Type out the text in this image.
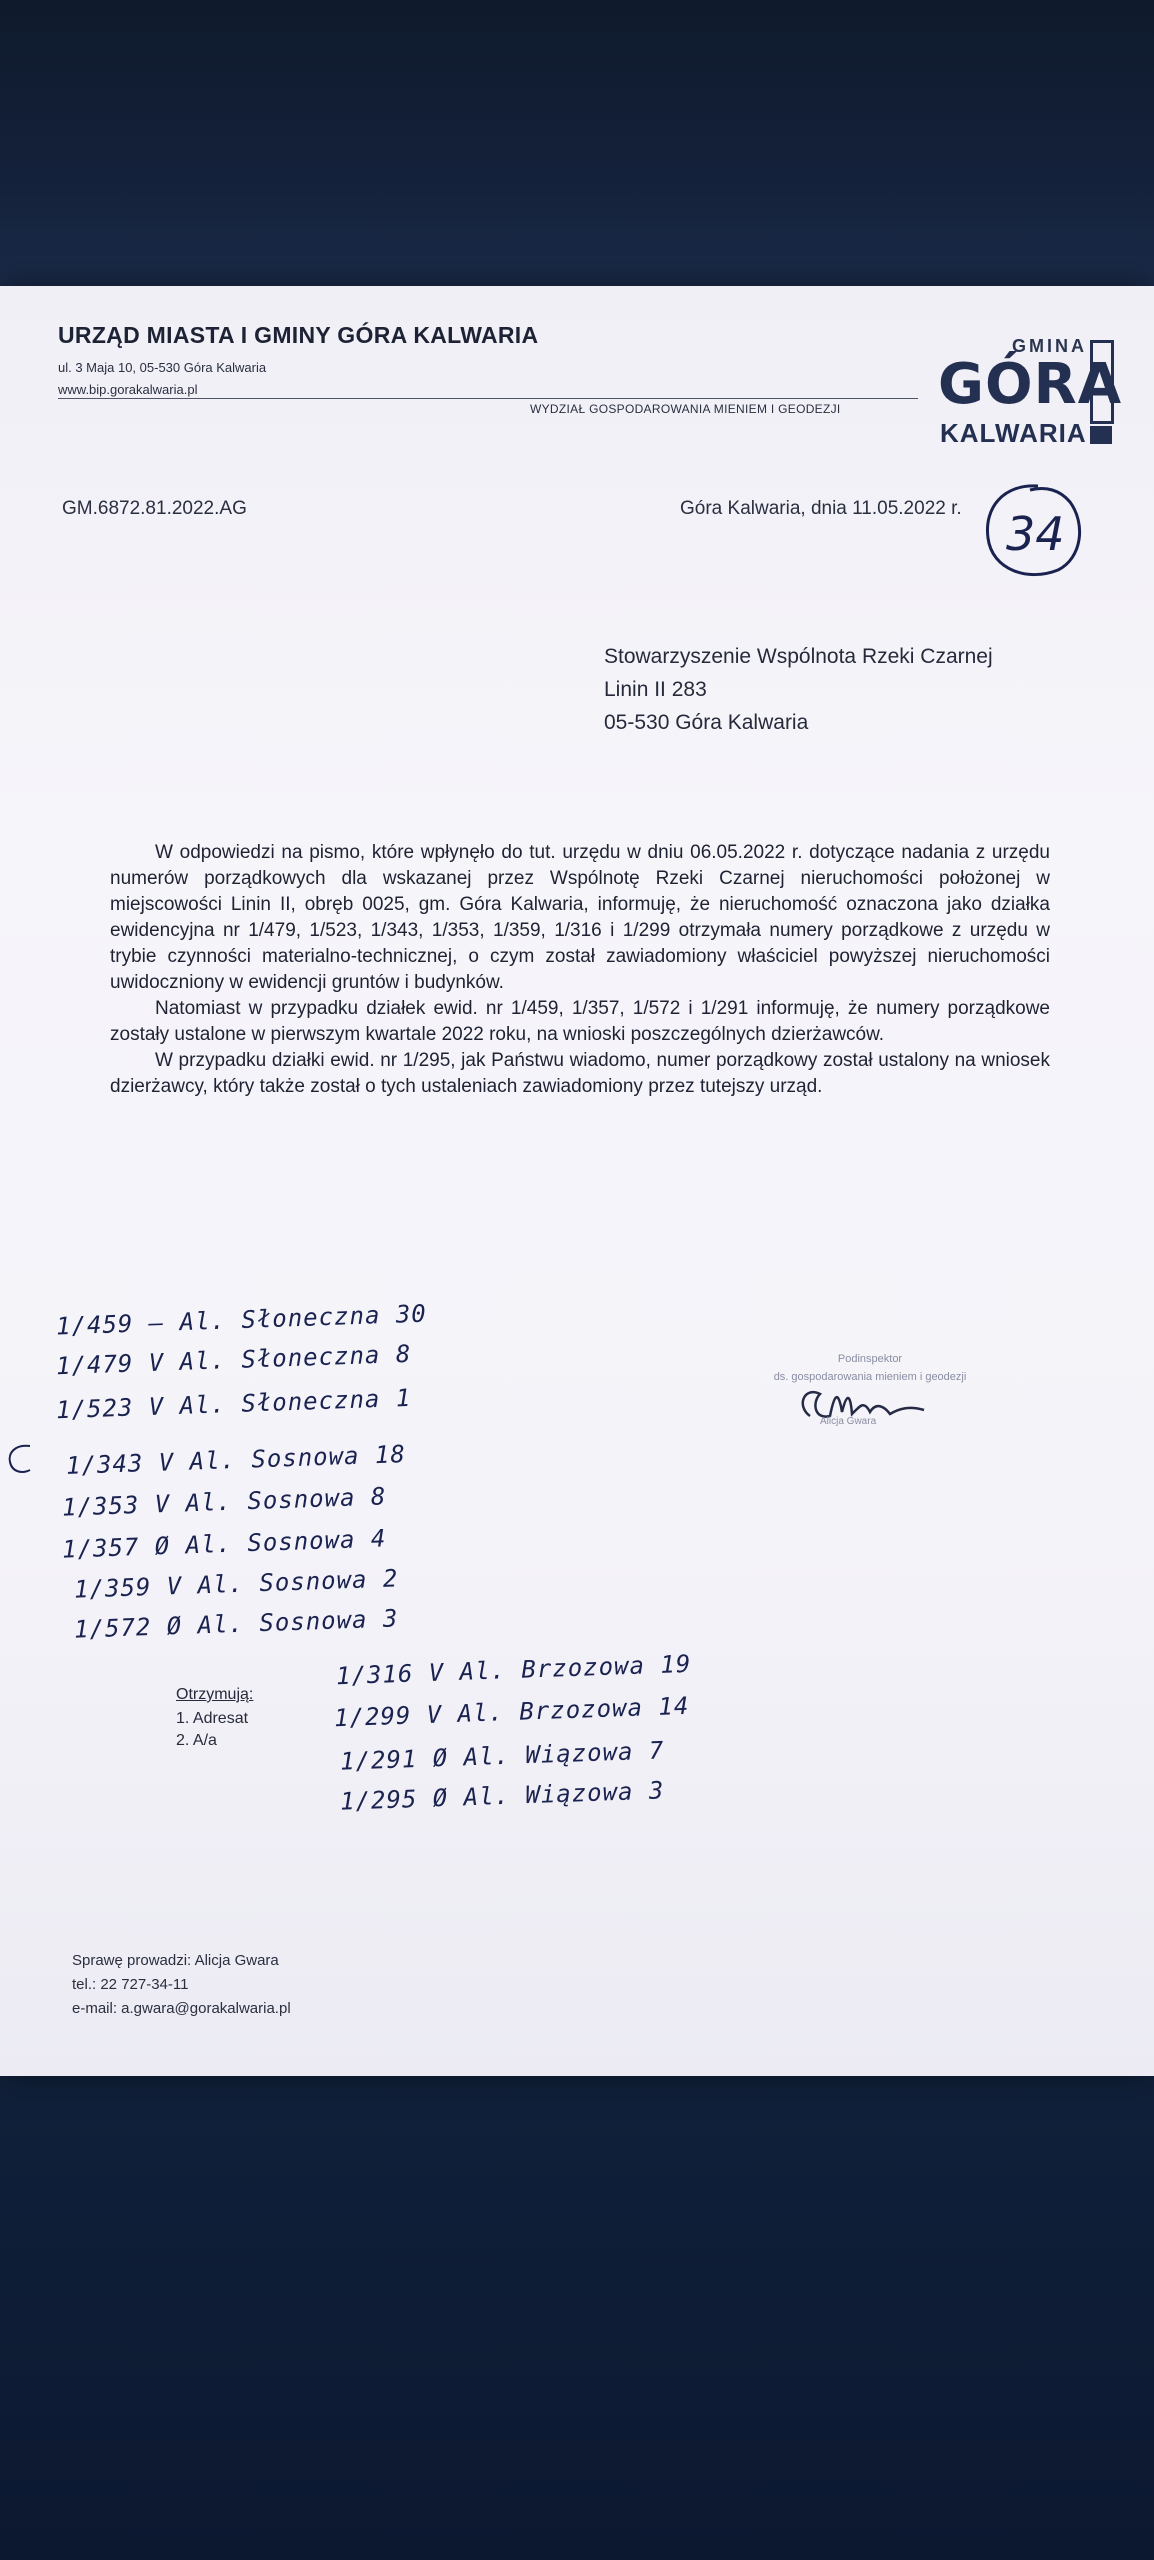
URZĄD MIASTA I GMINY GÓRA KALWARIA

ul. 3 Maja 10, 05-530 Góra Kalwaria

www.bip.gorakalwaria.pl

WYDZIAŁ GOSPODAROWANIA MIENIEM I GEODEZJI

GMINA

GÓRA

KALWARIA

GM.6872.81.2022.AG	Góra Kalwaria, dnia 11.05.2022 r. 34
Stowarzyszenie Wspólnota Rzeki Czarnej
Linin II 283
05-530 Góra Kalwaria

W odpowiedzi na pismo, które wpłynęło do tut. urzędu w dniu 06.05.2022 r. dotyczące nadania z urzędu numerów porządkowych dla wskazanej przez Wspólnotę Rzeki Czarnej nieruchomości położonej w miejscowości Linin II, obręb 0025, gm. Góra Kalwaria, informuję, że nieruchomość oznaczona jako działka ewidencyjna nr 1/479, 1/523, 1/343, 1/353, 1/359, 1/316 i 1/299 otrzymała numery porządkowe z urzędu w trybie czynności materialno-technicznej, o czym został zawiadomiony właściciel powyższej nieruchomości uwidoczniony w ewidencji gruntów i budynków.

Natomiast w przypadku działek ewid. nr 1/459, 1/357, 1/572 i 1/291 informuję, że numery porządkowe zostały ustalone w pierwszym kwartale 2022 roku, na wnioski poszczególnych dzierżawców.

W przypadku działki ewid. nr 1/295, jak Państwu wiadomo, numer porządkowy został ustalony na wniosek dzierżawcy, który także został o tych ustaleniach zawiadomiony przez tutejszy urząd.

1/459 – Al. Słoneczna 30
1/479 V Al. Słoneczna 8
1/523 V Al. Słoneczna 1
1/343 V Al. Sosnowa 18
1/353 V Al. Sosnowa 8
1/357 Ø Al. Sosnowa 4
1/359 V Al. Sosnowa 2
1/572 Ø Al. Sosnowa 3
Podinspektor
ds. gospodarowania mieniem i geodezji

Alicja Gwara

Otrzymują:

1. Adresat

2. A/a

1/316 V Al. Brzozowa 19
1/299 V Al. Brzozowa 14
1/291 Ø Al. Wiązowa 7
1/295 Ø Al. Wiązowa 3

Sprawę prowadzi: Alicja Gwara

tel.: 22 727-34-11

e-mail: a.gwara@gorakalwaria.pl
